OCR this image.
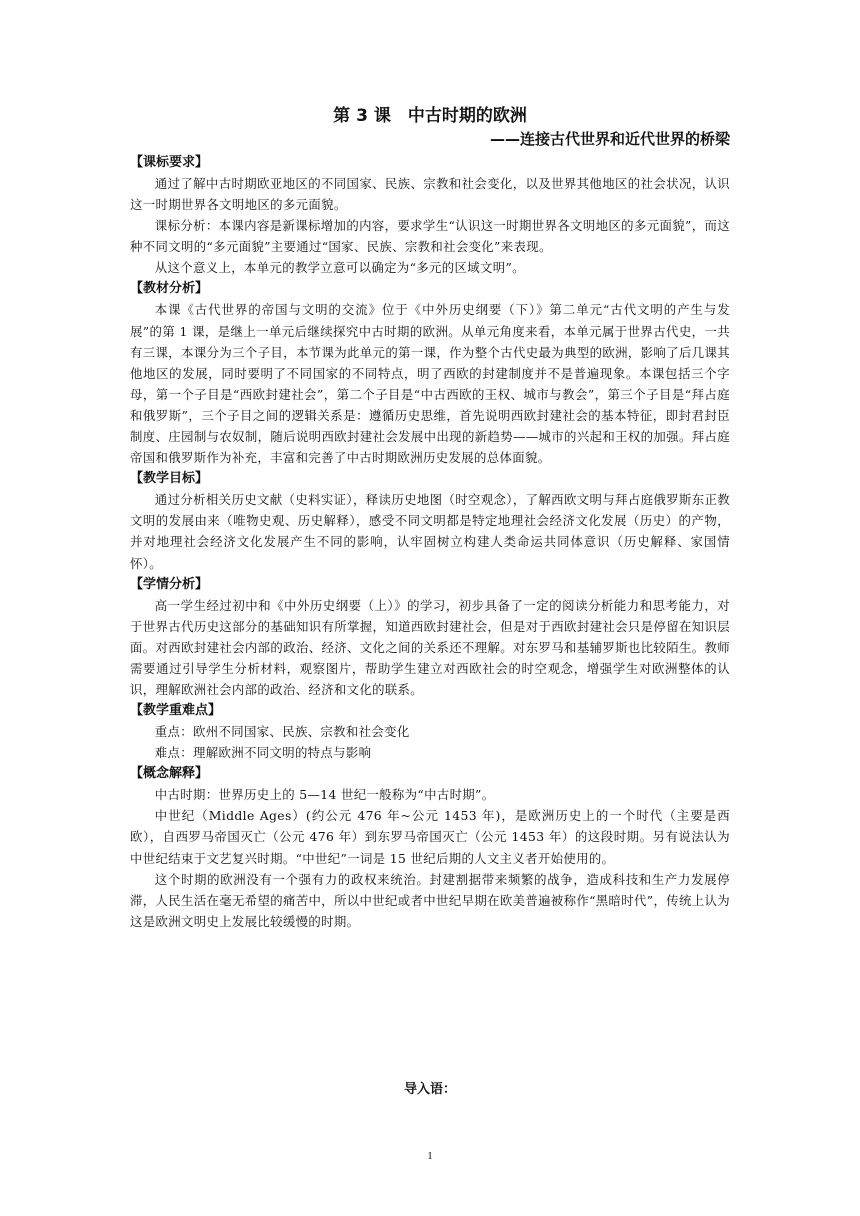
第 3 课　中古时期的欧洲

——连接古代世界和近代世界的桥梁

【课标要求】

通过了解中古时期欧亚地区的不同国家、民族、宗教和社会变化，以及世界其他地区的社会状况，认识这一时期世界各文明地区的多元面貌。

课标分析：本课内容是新课标增加的内容，要求学生“认识这一时期世界各文明地区的多元面貌”，而这种不同文明的“多元面貌”主要通过“国家、民族、宗教和社会变化”来表现。

从这个意义上，本单元的教学立意可以确定为“多元的区域文明”。

【教材分析】

本课《古代世界的帝国与文明的交流》位于《中外历史纲要（下）》第二单元“古代文明的产生与发展”的第 1 课，是继上一单元后继续探究中古时期的欧洲。从单元角度来看，本单元属于世界古代史，一共有三课，本课分为三个子目，本节课为此单元的第一课，作为整个古代史最为典型的欧洲，影响了后几课其他地区的发展，同时要明了不同国家的不同特点，明了西欧的封建制度并不是普遍现象。本课包括三个字母，第一个子目是“西欧封建社会”，第二个子目是“中古西欧的王权、城市与教会”，第三个子目是“拜占庭和俄罗斯”，三个子目之间的逻辑关系是：遵循历史思维，首先说明西欧封建社会的基本特征，即封君封臣制度、庄园制与农奴制，随后说明西欧封建社会发展中出现的新趋势——城市的兴起和王权的加强。拜占庭帝国和俄罗斯作为补充，丰富和完善了中古时期欧洲历史发展的总体面貌。

【教学目标】

通过分析相关历史文献（史料实证），释读历史地图（时空观念），了解西欧文明与拜占庭俄罗斯东正教文明的发展由来（唯物史观、历史解释），感受不同文明都是特定地理社会经济文化发展（历史）的产物，并对地理社会经济文化发展产生不同的影响，认牢固树立构建人类命运共同体意识（历史解释、家国情怀）。

【学情分析】

高一学生经过初中和《中外历史纲要（上）》的学习，初步具备了一定的阅读分析能力和思考能力，对于世界古代历史这部分的基础知识有所掌握，知道西欧封建社会，但是对于西欧封建社会只是停留在知识层面。对西欧封建社会内部的政治、经济、文化之间的关系还不理解。对东罗马和基辅罗斯也比较陌生。教师需要通过引导学生分析材料，观察图片，帮助学生建立对西欧社会的时空观念，增强学生对欧洲整体的认识，理解欧洲社会内部的政治、经济和文化的联系。

【教学重难点】

重点：欧州不同国家、民族、宗教和社会变化

难点：理解欧洲不同文明的特点与影响

【概念解释】

中古时期：世界历史上的 5—14 世纪一般称为“中古时期”。

中世纪（Middle Ages）(约公元 476 年~公元 1453 年)，是欧洲历史上的一个时代（主要是西欧），自西罗马帝国灭亡（公元 476 年）到东罗马帝国灭亡（公元 1453 年）的这段时期。另有说法认为中世纪结束于文艺复兴时期。“中世纪”一词是 15 世纪后期的人文主义者开始使用的。

这个时期的欧洲没有一个强有力的政权来统治。封建割据带来频繁的战争，造成科技和生产力发展停滞，人民生活在毫无希望的痛苦中，所以中世纪或者中世纪早期在欧美普遍被称作“黑暗时代”，传统上认为这是欧洲文明史上发展比较缓慢的时期。

导入语：
1
